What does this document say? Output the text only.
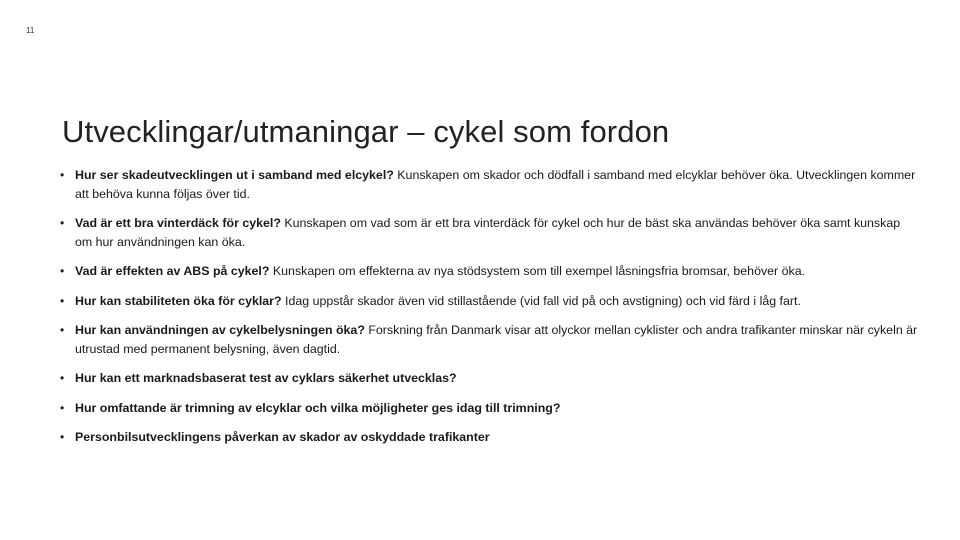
11
Utvecklingar/utmaningar – cykel som fordon
• Hur ser skadeutvecklingen ut i samband med elcykel? Kunskapen om skador och dödfall i samband med elcyklar behöver öka. Utvecklingen kommer att behöva kunna följas över tid.
• Vad är ett bra vinterdäck för cykel? Kunskapen om vad som är ett bra vinterdäck för cykel och hur de bäst ska användas behöver öka samt kunskap om hur användningen kan öka.
• Vad är effekten av ABS på cykel? Kunskapen om effekterna av nya stödsystem som till exempel låsningsfria bromsar, behöver öka.
• Hur kan stabiliteten öka för cyklar? Idag uppstår skador även vid stillastående (vid fall vid på och avstigning) och vid färd i låg fart.
• Hur kan användningen av cykelbelysningen öka? Forskning från Danmark visar att olyckor mellan cyklister och andra trafikanter minskar när cykeln är utrustad med permanent belysning, även dagtid.
• Hur kan ett marknadsbaserat test av cyklars säkerhet utvecklas?
• Hur omfattande är trimning av elcyklar och vilka möjligheter ges idag till trimning?
• Personbilsutvecklingens påverkan av skador av oskyddade trafikanter
